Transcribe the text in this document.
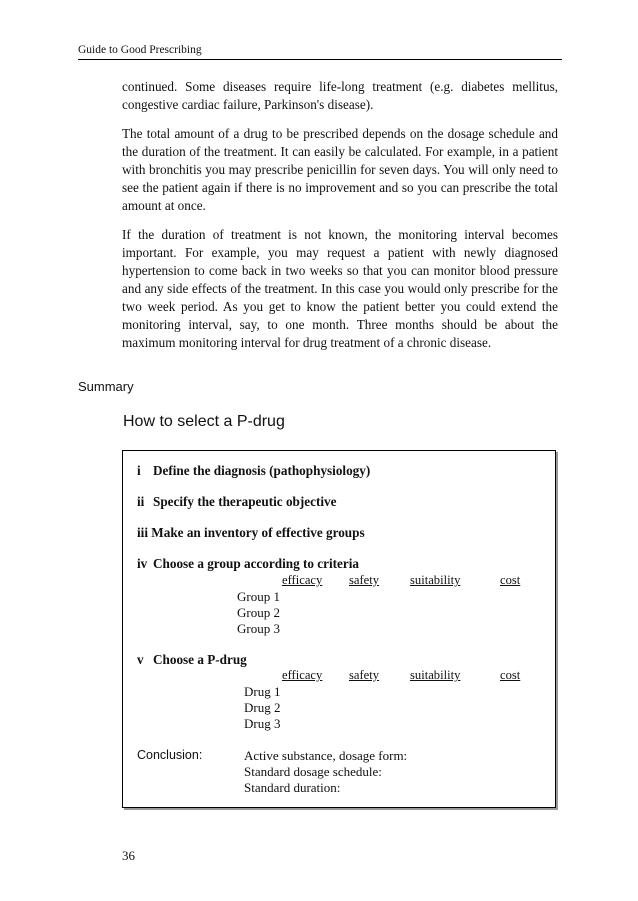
Guide to Good Prescribing

continued. Some diseases require life-long treatment (e.g. diabetes mellitus, congestive cardiac failure, Parkinson's disease).

The total amount of a drug to be prescribed depends on the dosage schedule and the duration of the treatment. It can easily be calculated. For example, in a patient with bronchitis you may prescribe penicillin for seven days. You will only need to see the patient again if there is no improvement and so you can prescribe the total amount at once.

If the duration of treatment is not known, the monitoring interval becomes important. For example, you may request a patient with newly diagnosed hypertension to come back in two weeks so that you can monitor blood pressure and any side effects of the treatment. In this case you would only prescribe for the two week period. As you get to know the patient better you could extend the monitoring interval, say, to one month. Three months should be about the maximum monitoring interval for drug treatment of a chronic disease.

Summary
How to select a P-drug
i Define the diagnosis (pathophysiology)
ii Specify the therapeutic objective
iii Make an inventory of effective groups
iv Choose a group according to criteria
efficacy safety suitability	cost
Group 1
Group 2
Group 3
v Choose a P-drug
efficacy safety suitability	cost
Drug 1
Drug 2
Drug 3
Conclusion:	Active substance, dosage form:
Standard dosage schedule:
Standard duration:
36
